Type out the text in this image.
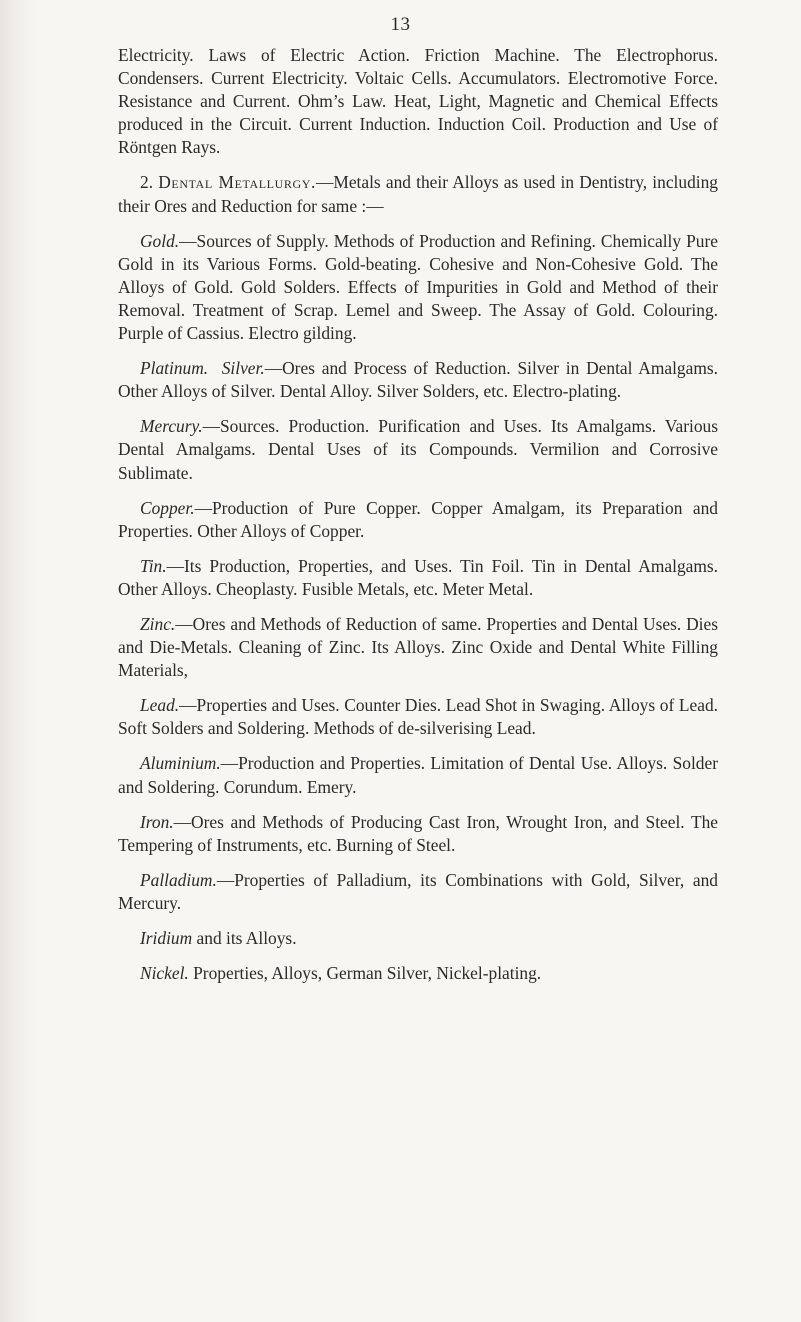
13

Electricity. Laws of Electric Action. Friction Machine. The Electrophorus. Condensers. Current Electricity. Voltaic Cells. Accumulators. Electromotive Force. Resistance and Current. Ohm’s Law. Heat, Light, Magnetic and Chemical Effects produced in the Circuit. Current Induction. Induction Coil. Production and Use of Röntgen Rays.

2. Dental Metallurgy.—Metals and their Alloys as used in Dentistry, including their Ores and Reduction for same :—

Gold.—Sources of Supply. Methods of Production and Refining. Chemically Pure Gold in its Various Forms. Gold-beating. Cohesive and Non-Cohesive Gold. The Alloys of Gold. Gold Solders. Effects of Impurities in Gold and Method of their Removal. Treatment of Scrap. Lemel and Sweep. The Assay of Gold. Colouring. Purple of Cassius. Electro gilding.

Platinum. Silver.—Ores and Process of Reduction. Silver in Dental Amalgams. Other Alloys of Silver. Dental Alloy. Silver Solders, etc. Electro-plating.

Mercury.—Sources. Production. Purification and Uses. Its Amalgams. Various Dental Amalgams. Dental Uses of its Compounds. Vermilion and Corrosive Sublimate.

Copper.—Production of Pure Copper. Copper Amalgam, its Preparation and Properties. Other Alloys of Copper.

Tin.—Its Production, Properties, and Uses. Tin Foil. Tin in Dental Amalgams. Other Alloys. Cheoplasty. Fusible Metals, etc. Meter Metal.

Zinc.—Ores and Methods of Reduction of same. Properties and Dental Uses. Dies and Die-Metals. Cleaning of Zinc. Its Alloys. Zinc Oxide and Dental White Filling Materials,

Lead.—Properties and Uses. Counter Dies. Lead Shot in Swaging. Alloys of Lead. Soft Solders and Soldering. Methods of de-silverising Lead.

Aluminium.—Production and Properties. Limitation of Dental Use. Alloys. Solder and Soldering. Corundum. Emery.

Iron.—Ores and Methods of Producing Cast Iron, Wrought Iron, and Steel. The Tempering of Instruments, etc. Burning of Steel.

Palladium.—Properties of Palladium, its Combinations with Gold, Silver, and Mercury.

Iridium and its Alloys.

Nickel. Properties, Alloys, German Silver, Nickel-plating.
